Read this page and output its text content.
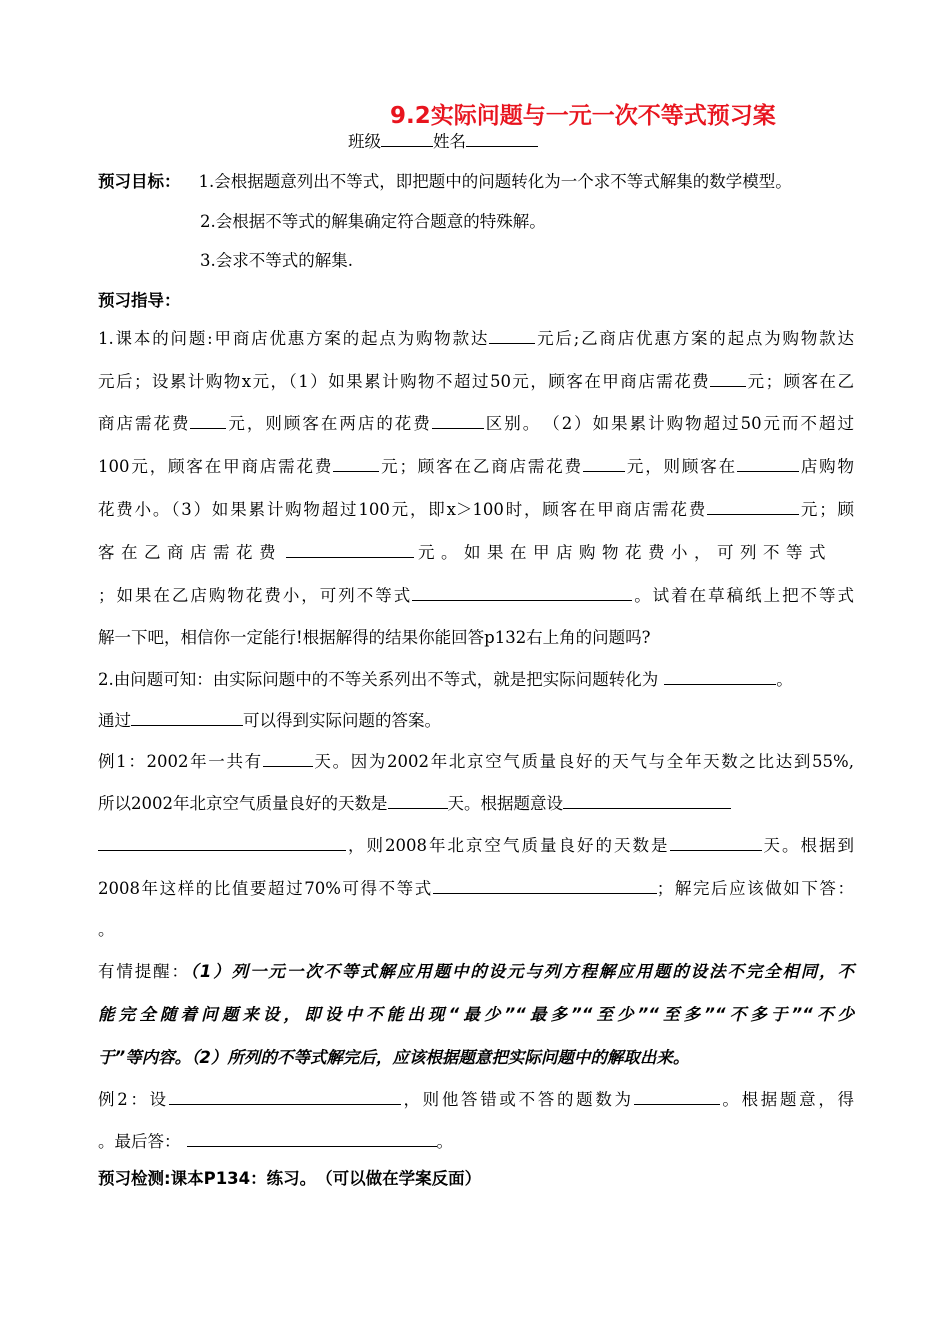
9.2实际问题与一元一次不等式预习案
班级	姓名
预习目标： 1.会根据题意列出不等式，即把题中的问题转化为一个求不等式解集的数学模型。
2.会根据不等式的解集确定符合题意的特殊解。
3.会求不等式的解集.
预习指导：
1.课本的问题:甲商店优惠方案的起点为购物款达	元后;乙商店优惠方案的起点为购物款达
元后；设累计购物x元，（1）如果累计购物不超过50元，顾客在甲商店需花费 元；顾客在乙
商店需花费 元，则顾客在两店的花费	区别。　（2）如果累计购物超过50元而不超过
100元，顾客在甲商店需花费	元；顾客在乙商店需花费	元，则顾客在	店购物
花费小。（3）如果累计购物超过100元，即x＞100时，顾客在甲商店需花费	元；顾
客在乙商店需花费	元。如果在甲店购物花费小，可列不等式
；如果在乙店购物花费小，可列不等式	。试着在草稿纸上把不等式
解一下吧，相信你一定能行!根据解得的结果你能回答p132右上角的问题吗?
2.由问题可知：由实际问题中的不等关系列出不等式，就是把实际问题转化为	。
通过	可以得到实际问题的答案。
例1：2002年一共有	天。因为2002年北京空气质量良好的天气与全年天数之比达到55%,
所以2002年北京空气质量良好的天数是	天。根据题意设
，则2008年北京空气质量良好的天数是	天。根据到
2008年这样的比值要超过70%可得不等式	；解完后应该做如下答：
。
有情提醒：（1）列一元一次不等式解应用题中的设元与列方程解应用题的设法不完全相同，不
能完全随着问题来设，即设中不能出现“最少”“最多”“至少”“至多”“不多于”“不少
于”等内容。（2）所列的不等式解完后，应该根据题意把实际问题中的解取出来。
例2：设	，则他答错或不答的题数为	。根据题意，得
。最后答：	。
预习检测:课本P134：练习。　（可以做在学案反面）
